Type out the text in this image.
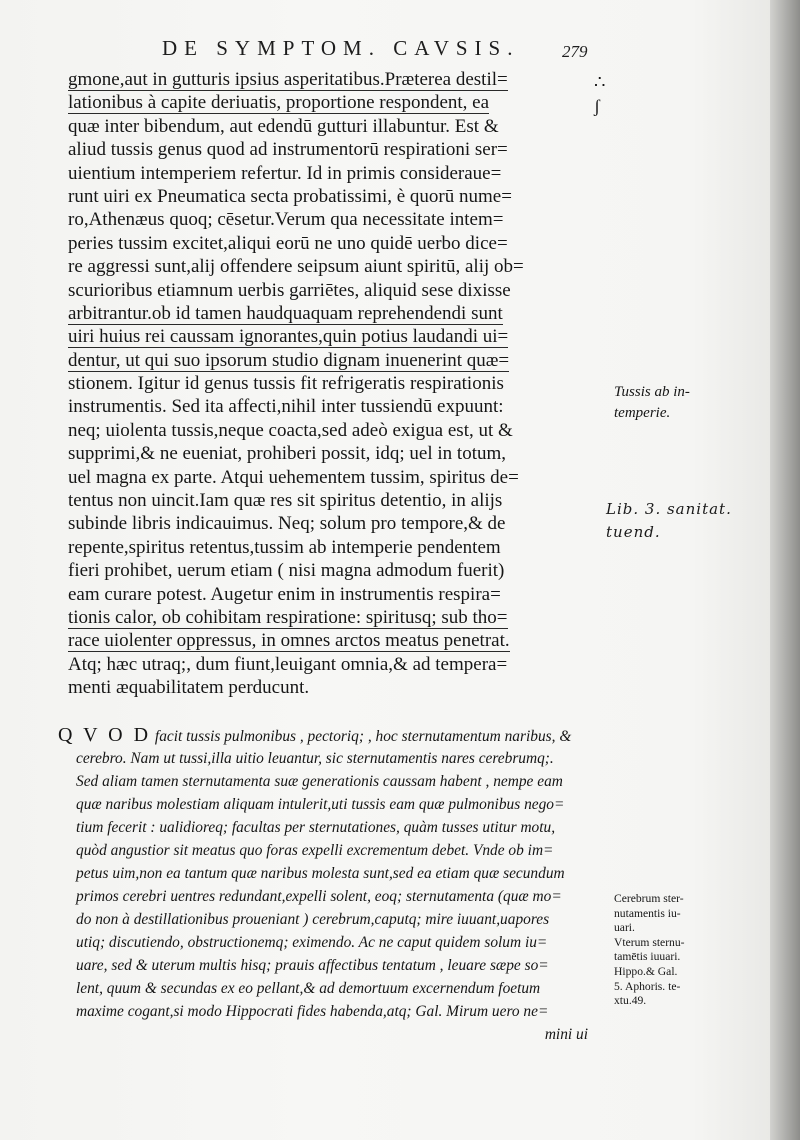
DE SYMPTOM. CAVSIS.	279
∴
ʃ
gmone,aut in gutturis ipsius asperitatibus.Præterea destil=
lationibus à capite deriuatis, proportione respondent, ea
quæ inter bibendum, aut edendū gutturi illabuntur. Est &
aliud tussis genus quod ad instrumentorū respirationi ser=
uientium intemperiem refertur. Id in primis consideraue=
runt uiri ex Pneumatica secta probatissimi, è quorū nume=
ro,Athenæus quoq; cēsetur.Verum qua necessitate intem=
peries tussim excitet,aliqui eorū ne uno quidē uerbo dice=
re aggressi sunt,alij offendere seipsum aiunt spiritū, alij ob=
scurioribus etiamnum uerbis garriētes, aliquid sese dixisse
arbitrantur.ob id tamen haudquaquam reprehendendi sunt
uiri huius rei caussam ignorantes,quin potius laudandi ui=
dentur, ut qui suo ipsorum studio dignam inuenerint quæ=
stionem. Igitur id genus tussis fit refrigeratis respirationis
instrumentis. Sed ita affecti,nihil inter tussiendū expuunt:
neq; uiolenta tussis,neque coacta,sed adeò exigua est, ut &
supprimi,& ne eueniat, prohiberi possit, idq; uel in totum,
uel magna ex parte. Atqui uehementem tussim, spiritus de=
tentus non uincit.Iam quæ res sit spiritus detentio, in alijs
subinde libris indicauimus. Neq; solum pro tempore,& de
repente,spiritus retentus,tussim ab intemperie pendentem
fieri prohibet, uerum etiam ( nisi magna admodum fuerit)
eam curare potest. Augetur enim in instrumentis respira=
tionis calor, ob cohibitam respiratione: spiritusq; sub tho=
race uiolenter oppressus, in omnes arctos meatus penetrat.
Atq; hæc utraq;, dum fiunt,leuigant omnia,& ad tempera=
menti æquabilitatem perducunt.
Tussis ab in-
temperie.
Lib. 3. sanitat.
tuend.
Q V O D facit tussis pulmonibus , pectoriq; , hoc sternutamentum naribus, &
cerebro. Nam ut tussi,illa uitio leuantur, sic sternutamentis nares cerebrumq;.
Sed aliam tamen sternutamenta suæ generationis caussam habent , nempe eam
quæ naribus molestiam aliquam intulerit,uti tussis eam quæ pulmonibus nego=
tium fecerit : ualidioreq; facultas per sternutationes, quàm tusses utitur motu,
quòd angustior sit meatus quo foras expelli excrementum debet. Vnde ob im=
petus uim,non ea tantum quæ naribus molesta sunt,sed ea etiam quæ secundum
primos cerebri uentres redundant,expelli solent, eoq; sternutamenta (quæ mo=
do non à destillationibus proueniant ) cerebrum,caputq; mire iuuant,uapores
utiq; discutiendo, obstructionemq; eximendo. Ac ne caput quidem solum iu=
uare, sed & uterum multis hisq; prauis affectibus tentatum , leuare sæpe so=
lent, quum & secundas ex eo pellant,& ad demortuum excernendum foetum
maxime cogant,si modo Hippocrati fides habenda,atq; Gal. Mirum uero ne=
mini ui
Cerebrum ster-
nutamentis iu-
uari.
Vterum sternu-
tamētis iuuari.
Hippo.& Gal.
5. Aphoris. te-
xtu.49.
